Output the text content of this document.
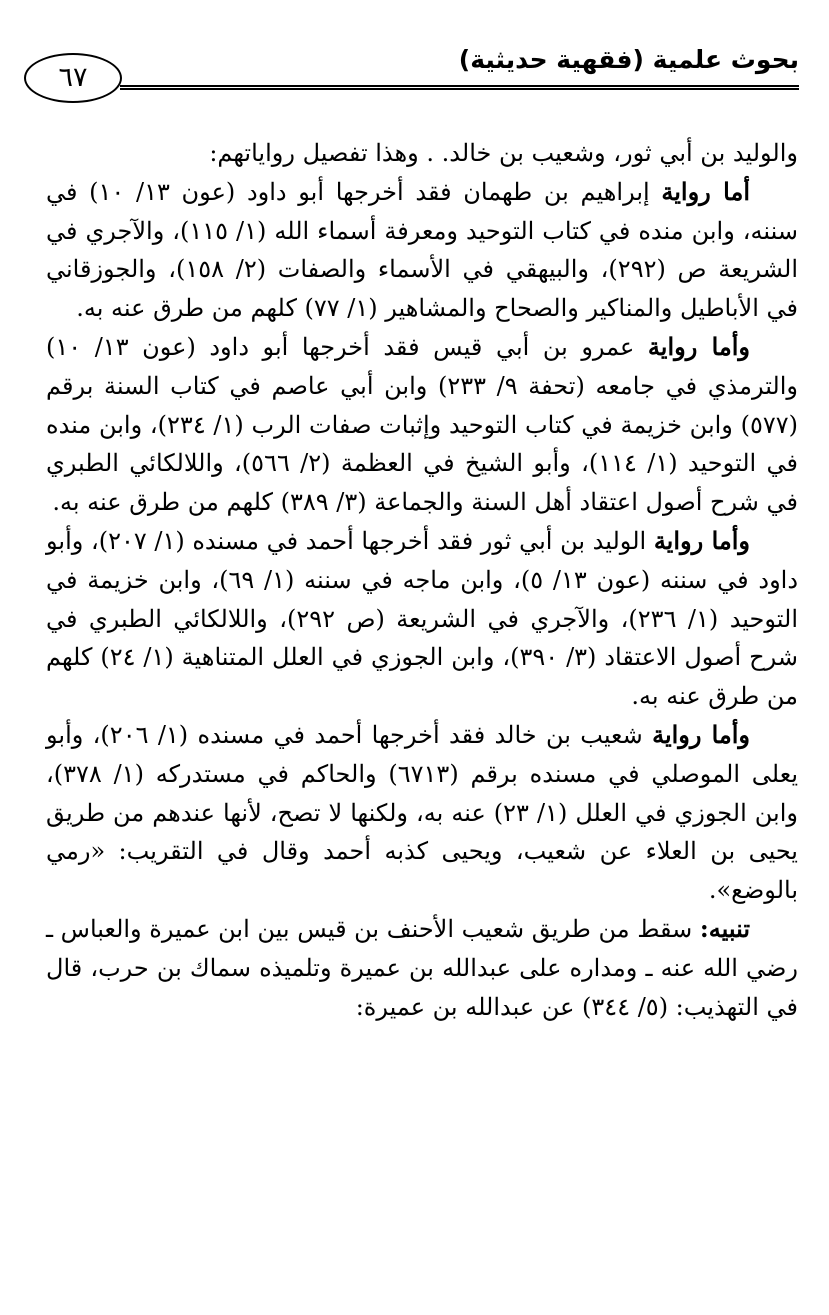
بحوث علمية (فقهية حديثية)
٦٧

والوليد بن أبي ثور، وشعيب بن خالد. . وهذا تفصيل رواياتهم:

أما رواية إبراهيم بن طهمان فقد أخرجها أبو داود (عون ١٣/ ١٠) في سننه، وابن منده في كتاب التوحيد ومعرفة أسماء الله (١/ ١١٥)، والآجري في الشريعة ص (٢٩٢)، والبيهقي في الأسماء والصفات (٢/ ١٥٨)، والجوزقاني في الأباطيل والمناكير والصحاح والمشاهير (١/ ٧٧) كلهم من طرق عنه به.

وأما رواية عمرو بن أبي قيس فقد أخرجها أبو داود (عون ١٣/ ١٠) والترمذي في جامعه (تحفة ٩/ ٢٣٣) وابن أبي عاصم في كتاب السنة برقم (٥٧٧) وابن خزيمة في كتاب التوحيد وإثبات صفات الرب (١/ ٢٣٤)، وابن منده في التوحيد (١/ ١١٤)، وأبو الشيخ في العظمة (٢/ ٥٦٦)، واللالكائي الطبري في شرح أصول اعتقاد أهل السنة والجماعة (٣/ ٣٨٩) كلهم من طرق عنه به.

وأما رواية الوليد بن أبي ثور فقد أخرجها أحمد في مسنده (١/ ٢٠٧)، وأبو داود في سننه (عون ١٣/ ٥)، وابن ماجه في سننه (١/ ٦٩)، وابن خزيمة في التوحيد (١/ ٢٣٦)، والآجري في الشريعة (ص ٢٩٢)، واللالكائي الطبري في شرح أصول الاعتقاد (٣/ ٣٩٠)، وابن الجوزي في العلل المتناهية (١/ ٢٤) كلهم من طرق عنه به.

وأما رواية شعيب بن خالد فقد أخرجها أحمد في مسنده (١/ ٢٠٦)، وأبو يعلى الموصلي في مسنده برقم (٦٧١٣) والحاكم في مستدركه (١/ ٣٧٨)، وابن الجوزي في العلل (١/ ٢٣) عنه به، ولكنها لا تصح، لأنها عندهم من طريق يحيى بن العلاء عن شعيب، ويحيى كذبه أحمد وقال في التقريب: «رمي بالوضع».

تنبيه: سقط من طريق شعيب الأحنف بن قيس بين ابن عميرة والعباس ـ رضي الله عنه ـ ومداره على عبدالله بن عميرة وتلميذه سماك بن حرب، قال في التهذيب: (٥/ ٣٤٤) عن عبدالله بن عميرة:
